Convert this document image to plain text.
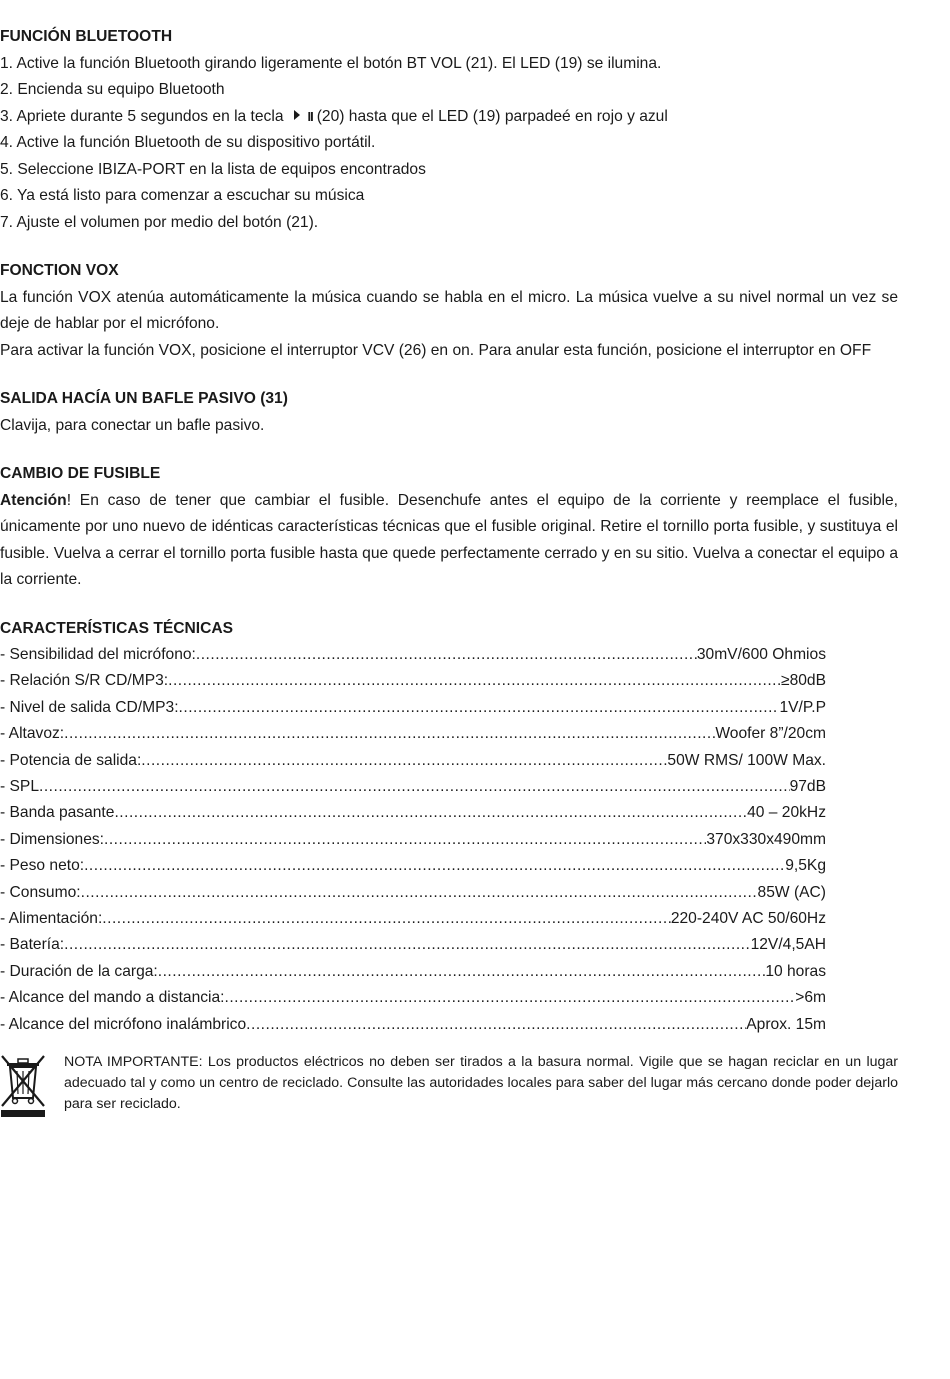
FUNCIÓN BLUETOOTH
1. Active la función Bluetooth girando ligeramente el botón BT VOL (21). El LED (19) se ilumina.
2. Encienda su equipo Bluetooth
3. Apriete durante 5 segundos en la tecla II (20) hasta que el LED (19) parpadeé en rojo y azul
4. Active la función Bluetooth de su dispositivo portátil.
5. Seleccione IBIZA-PORT en la lista de equipos encontrados
6. Ya está listo para comenzar a escuchar su música
7. Ajuste el volumen por medio del botón (21).
FONCTION VOX
La función VOX atenúa automáticamente la música cuando se habla en el micro. La música vuelve a su nivel normal un vez se deje de hablar por el micrófono.
Para activar la función VOX, posicione el interruptor VCV (26) en on. Para anular esta función, posicione el interruptor en OFF
SALIDA HACÍA UN BAFLE PASIVO (31)
Clavija, para conectar un bafle pasivo.
CAMBIO DE FUSIBLE
Atención! En caso de tener que cambiar el fusible. Desenchufe antes el equipo de la corriente y reemplace el fusible, únicamente por uno nuevo de idénticas características técnicas que el fusible original. Retire el tornillo porta fusible, y sustituya el fusible. Vuelva a cerrar el tornillo porta fusible hasta que quede perfectamente cerrado y en su sitio. Vuelva a conectar el equipo a la corriente.
CARACTERÍSTICAS TÉCNICAS
- Sensibilidad del micrófono: .....	30mV/600 Ohmios
- Relación S/R CD/MP3: .....	≥80dB
- Nivel de salida CD/MP3: .....	1V/P.P
- Altavoz: .....	Woofer 8”/20cm
- Potencia de salida: .....	50W RMS/ 100W Max.
- SPL .....	97dB
- Banda pasante .....	40 – 20kHz
- Dimensiones: .....	370x330x490mm
- Peso neto: .....	9,5Kg
- Consumo: .....	85W (AC)
- Alimentación: .....	220-240V AC 50/60Hz
- Batería: .....	12V/4,5AH
- Duración de la carga: .....	10 horas
- Alcance del mando a distancia: .....	>6m
- Alcance del micrófono inalámbrico .....	Aprox. 15m
NOTA IMPORTANTE: Los productos eléctricos no deben ser tirados a la basura normal. Vigile que se hagan reciclar en un lugar adecuado tal y como un centro de reciclado. Consulte las autoridades locales para saber del lugar más cercano donde poder dejarlo para ser reciclado.
